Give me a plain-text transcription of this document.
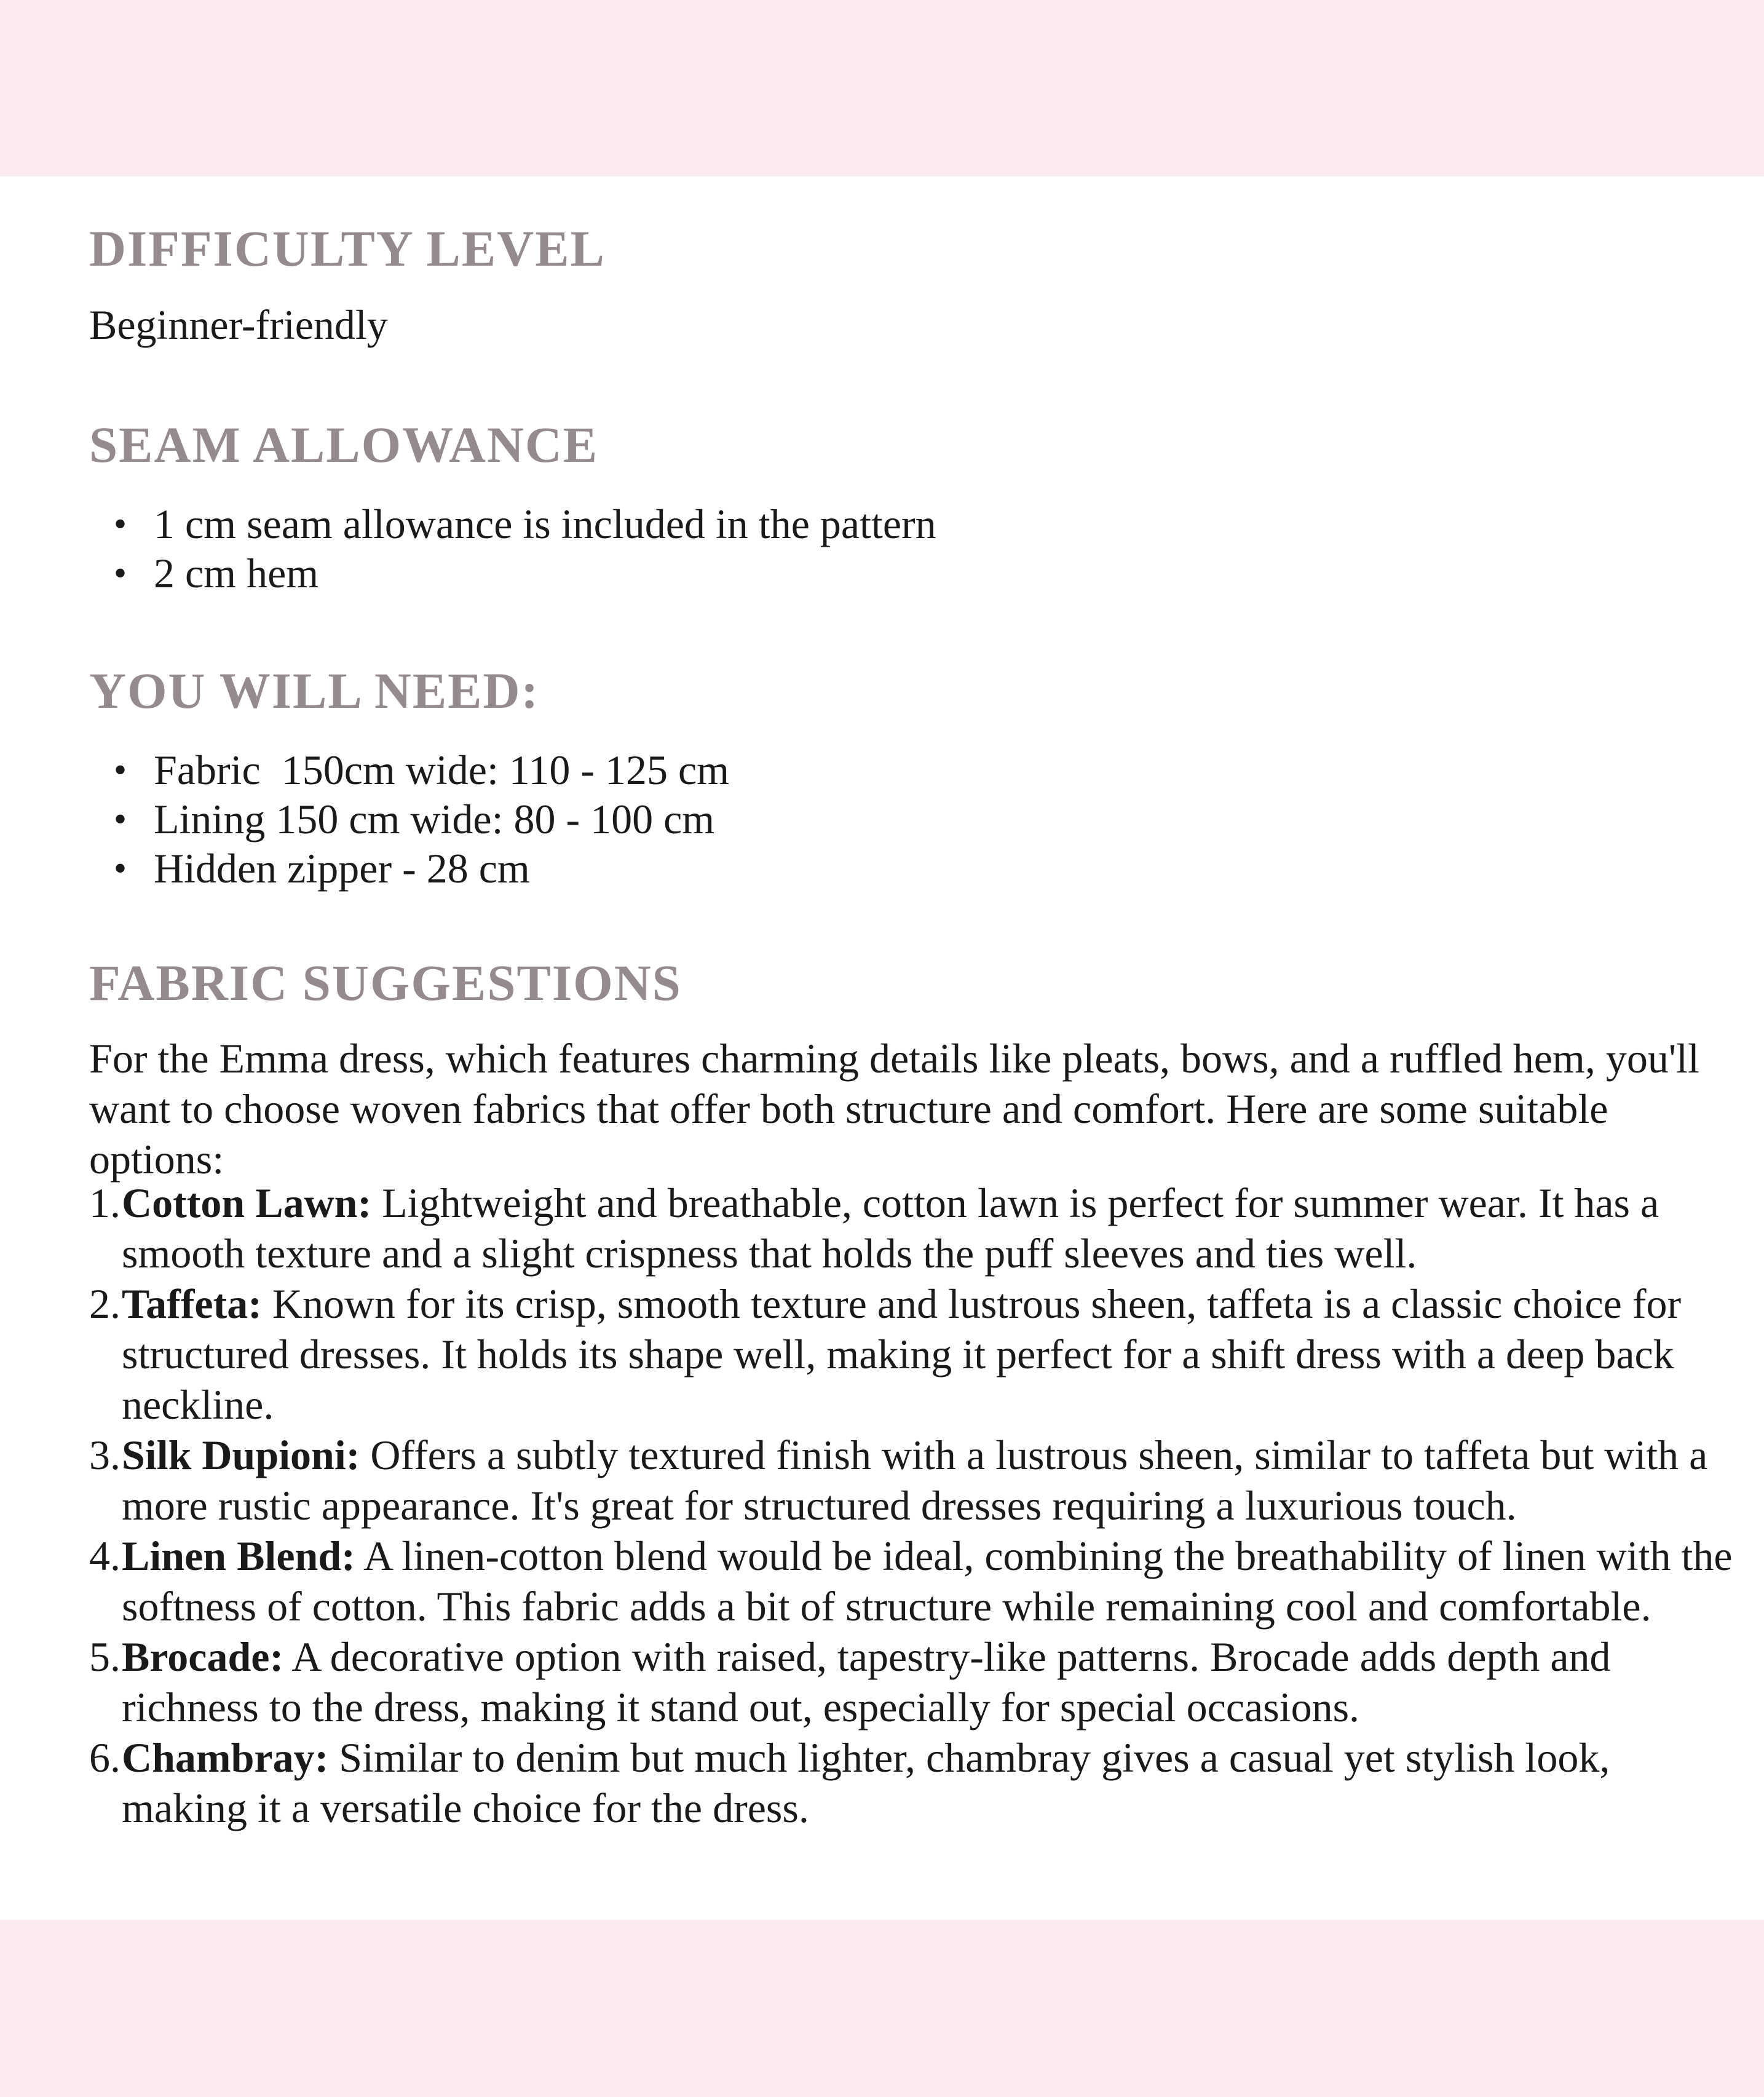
DIFFICULTY LEVEL

Beginner-friendly

SEAM ALLOWANCE
• 1 cm seam allowance is included in the pattern
• 2 cm hem
YOU WILL NEED:
• Fabric  150cm wide: 110 - 125 cm
• Lining 150 cm wide: 80 - 100 cm
• Hidden zipper - 28 cm
FABRIC SUGGESTIONS

For the Emma dress, which features charming details like pleats, bows, and a ruffled hem, you'll want to choose woven fabrics that offer both structure and comfort. Here are some suitable options:

1. Cotton Lawn: Lightweight and breathable, cotton lawn is perfect for summer wear. It has a smooth texture and a slight crispness that holds the puff sleeves and ties well.
2. Taffeta: Known for its crisp, smooth texture and lustrous sheen, taffeta is a classic choice for structured dresses. It holds its shape well, making it perfect for a shift dress with a deep back neckline.
3. Silk Dupioni: Offers a subtly textured finish with a lustrous sheen, similar to taffeta but with a more rustic appearance. It's great for structured dresses requiring a luxurious touch.
4. Linen Blend: A linen-cotton blend would be ideal, combining the breathability of linen with the softness of cotton. This fabric adds a bit of structure while remaining cool and comfortable.
5. Brocade: A decorative option with raised, tapestry-like patterns. Brocade adds depth and richness to the dress, making it stand out, especially for special occasions.
6. Chambray: Similar to denim but much lighter, chambray gives a casual yet stylish look, making it a versatile choice for the dress.
